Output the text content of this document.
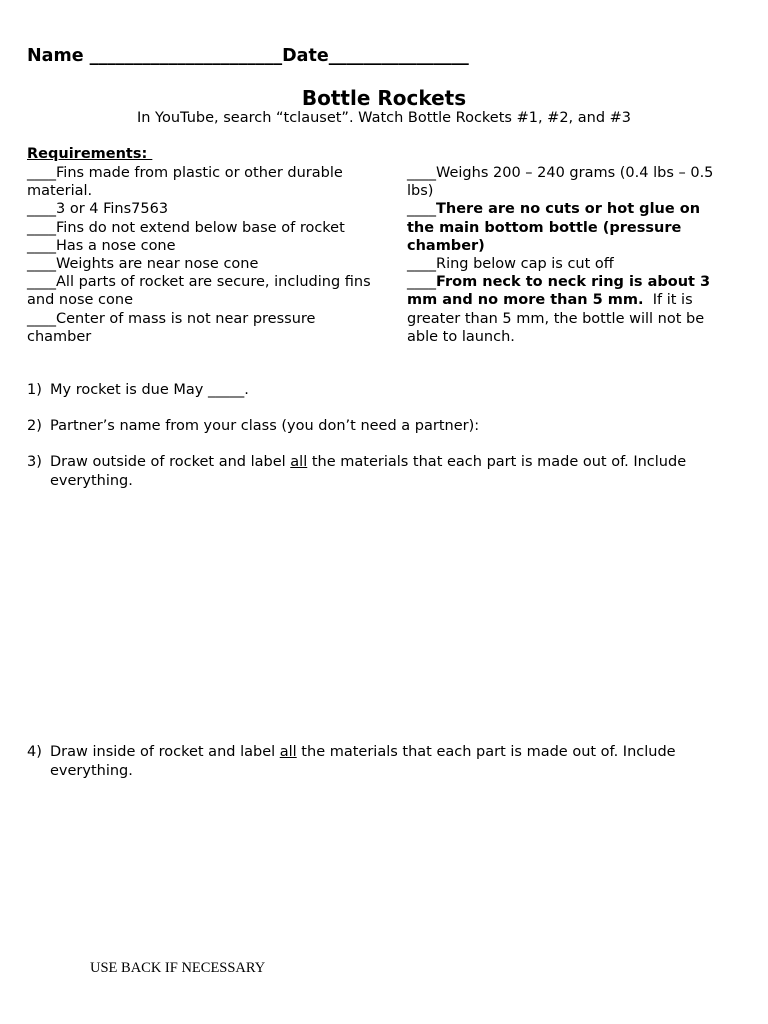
Name ______________________Date________________
Bottle Rockets
In YouTube, search “tclauset”. Watch Bottle Rockets #1, #2, and #3
Requirements:

____Fins made from plastic or other durable material.

____3 or 4 Fins7563

____Fins do not extend below base of rocket

____Has a nose cone

____Weights are near nose cone

____All parts of rocket are secure, including fins and nose cone

____Center of mass is not near pressure chamber

____Weighs 200 – 240 grams (0.4 lbs – 0.5 lbs)

____There are no cuts or hot glue on the main bottom bottle (pressure chamber)

____Ring below cap is cut off

____From neck to neck ring is about 3 mm and no more than 5 mm.  If it is greater than 5 mm, the bottle will not be able to launch.

1) My rocket is due May _____.
2) Partner’s name from your class (you don’t need a partner):
3) Draw outside of rocket and label all the materials that each part is made out of. Include everything.
4) Draw inside of rocket and label all the materials that each part is made out of. Include everything.
USE BACK IF NECESSARY
